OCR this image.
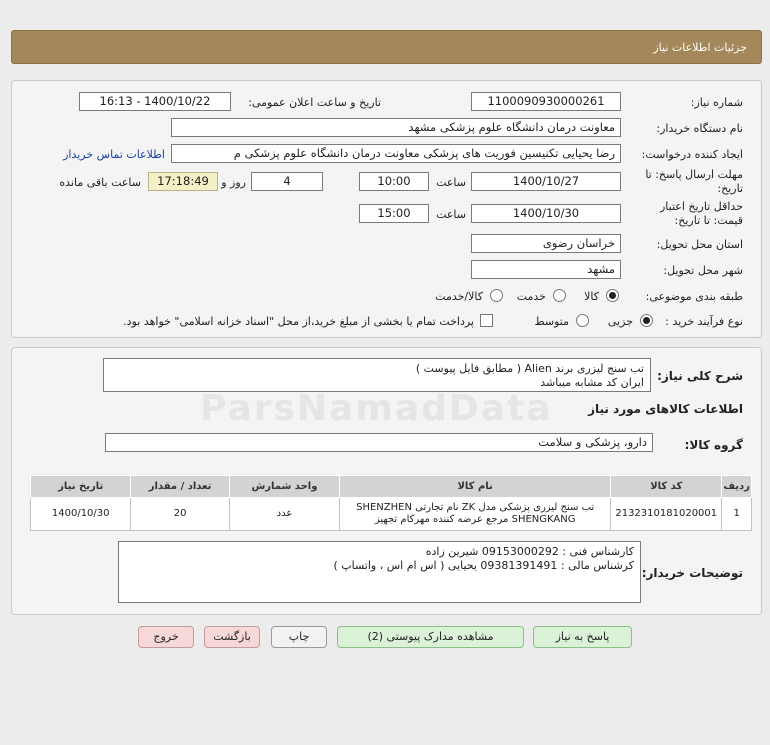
جزئیات اطلاعات نیاز
شماره نیاز:
1100090930000261
تاریخ و ساعت اعلان عمومی:
1400/10/22 - 16:13
نام دستگاه خریدار:
معاونت درمان دانشگاه علوم پزشکی مشهد
ایجاد کننده درخواست:
رضا یحیایی تکنیسین فوریت های پزشکی معاونت درمان دانشگاه علوم پزشکی م
اطلاعات تماس خریدار
مهلت ارسال پاسخ: تا
تاریخ:
1400/10/27
ساعت
10:00
4
روز و
17:18:49
ساعت باقی مانده
حداقل تاریخ اعتبار
قیمت: تا تاریخ:
1400/10/30
ساعت
15:00
استان محل تحویل:
خراسان رضوی
شهر محل تحویل:
مشهد
طبقه بندی موضوعی:
کالا
خدمت
کالا/خدمت
نوع فرآیند خرید :
جزیی
متوسط
پرداخت تمام یا بخشی از مبلغ خرید،از محل "اسناد خزانه اسلامی" خواهد بود.
شرح کلی نیاز:
تب سنج لیزری برند Alien ( مطابق فایل پیوست )
ایران کد مشابه میباشد
اطلاعات کالاهای مورد نیاز
گروه کالا:
دارو، پزشکی و سلامت
ردیف	کد کالا	نام کالا	واحد شمارش	تعداد / مقدار	تاریخ نیاز
1	2132310181020001	تب سنج لیزری پزشکی مدل ZK نام تجارتی SHENZHEN
SHENGKANG مرجع عرضه کننده مهرکام تجهیز	عدد	20	1400/10/30
توضیحات خریدار:
کارشناس فنی : 09153000292 شیرین زاده
کرشناس مالی : 09381391491 یحیایی ( اس ام اس ، واتساپ )
پاسخ به نیاز
مشاهده مدارک پیوستی (2)
چاپ
بازگشت
خروج
